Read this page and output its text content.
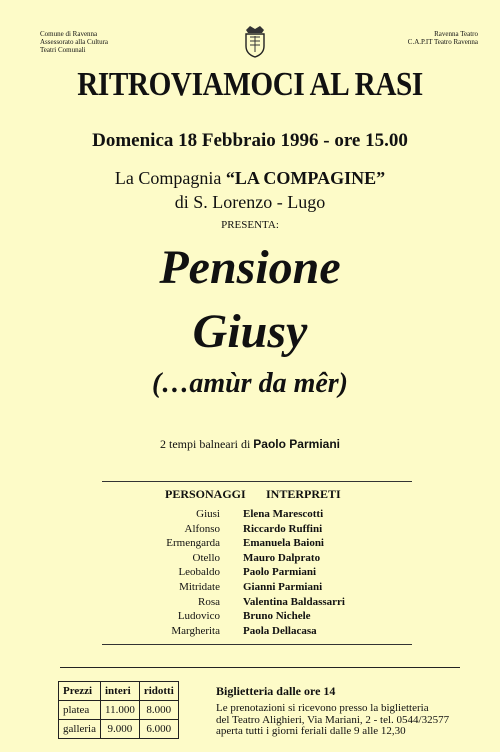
Comune di Ravenna
Assessorato alla Cultura
Teatri Comunali
Ravenna Teatro
C.A.P.IT Teatro Ravenna
RITROVIAMOCI AL RASI
Domenica 18 Febbraio 1996 - ore 15.00
La Compagnia “LA COMPAGINE”
di S. Lorenzo - Lugo
PRESENTA:
Pensione
Giusy
(…amùr da mêr)
2 tempi balneari di Paolo Parmiani
PERSONAGGI INTERPRETI
Giusi	Elena Marescotti
Alfonso	Riccardo Ruffini
Ermengarda	Emanuela Baioni
Otello	Mauro Dalprato
Leobaldo	Paolo Parmiani
Mitridate	Gianni Parmiani
Rosa	Valentina Baldassarri
Ludovico	Bruno Nichele
Margherita	Paola Dellacasa
Prezzi	interi	ridotti
platea	11.000	8.000
galleria	9.000	6.000
Biglietteria dalle ore 14
Le prenotazioni si ricevono presso la biglietteria
del Teatro Alighieri, Via Mariani, 2 - tel. 0544/32577
aperta tutti i giorni feriali dalle 9 alle 12,30
